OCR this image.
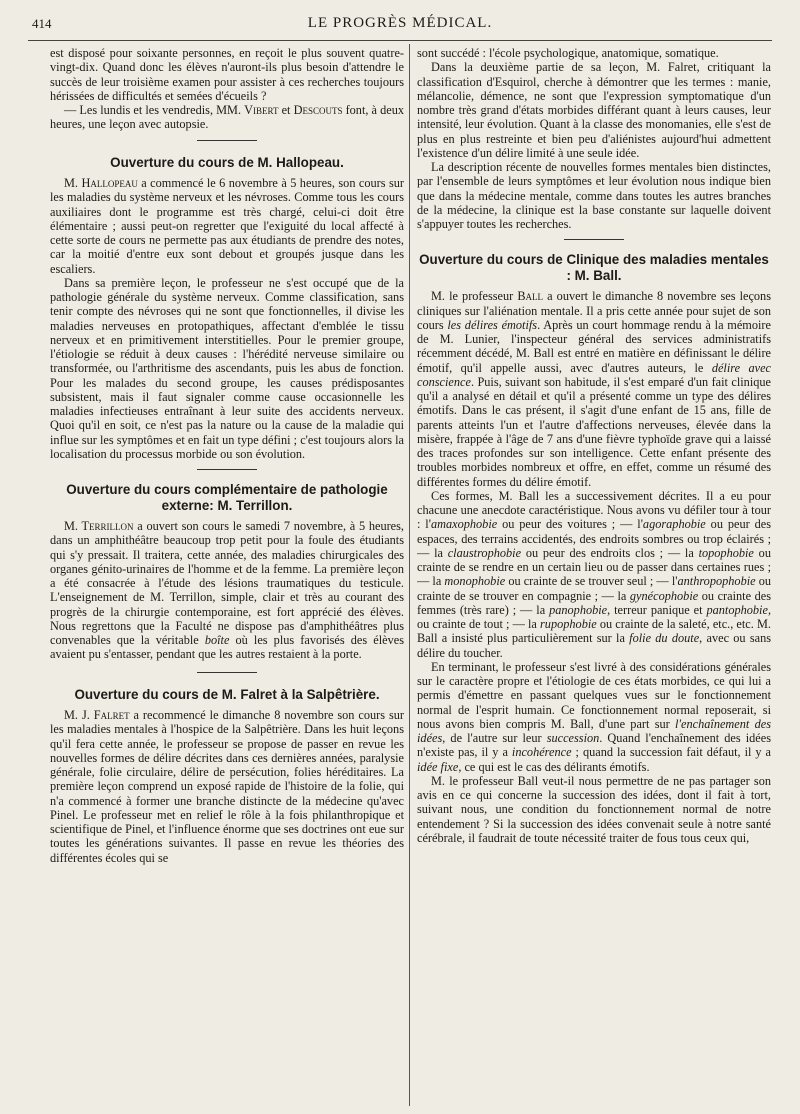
414	LE PROGRÈS MÉDICAL.

est disposé pour soixante personnes, en reçoit le plus souvent quatre-vingt-dix. Quand donc les élèves n'auront-ils plus besoin d'attendre le succès de leur troisième examen pour assister à ces recherches toujours hérissées de difficultés et semées d'écueils ?

— Les lundis et les vendredis, MM. Vibert et Descouts font, à deux heures, une leçon avec autopsie.

Ouverture du cours de M. Hallopeau.

M. Hallopeau a commencé le 6 novembre à 5 heures, son cours sur les maladies du système nerveux et les névroses. Comme tous les cours auxiliaires dont le programme est très chargé, celui-ci doit être élémentaire ; aussi peut-on regretter que l'exiguité du local affecté à cette sorte de cours ne permette pas aux étudiants de prendre des notes, car la moitié d'entre eux sont debout et groupés jusque dans les escaliers.

Dans sa première leçon, le professeur ne s'est occupé que de la pathologie générale du système nerveux. Comme classification, sans tenir compte des névroses qui ne sont que fonctionnelles, il divise les maladies nerveuses en protopathiques, affectant d'emblée le tissu nerveux et en primitivement interstitielles. Pour le premier groupe, l'étiologie se réduit à deux causes : l'hérédité nerveuse similaire ou transformée, ou l'arthritisme des ascendants, puis les abus de fonction. Pour les malades du second groupe, les causes prédisposantes subsistent, mais il faut signaler comme cause occasionnelle les maladies infectieuses entraînant à leur suite des accidents nerveux. Quoi qu'il en soit, ce n'est pas la nature ou la cause de la maladie qui influe sur les symptômes et en fait un type défini ; c'est toujours alors la localisation du processus morbide ou son évolution.

Ouverture du cours complémentaire de pathologie externe: M. Terrillon.

M. Terrillon a ouvert son cours le samedi 7 novembre, à 5 heures, dans un amphithéâtre beaucoup trop petit pour la foule des étudiants qui s'y pressait. Il traitera, cette année, des maladies chirurgicales des organes génito-urinaires de l'homme et de la femme. La première leçon a été consacrée à l'étude des lésions traumatiques du testicule. L'enseignement de M. Terrillon, simple, clair et très au courant des progrès de la chirurgie contemporaine, est fort apprécié des élèves. Nous regrettons que la Faculté ne dispose pas d'amphithéâtres plus convenables que la véritable boîte où les plus favorisés des élèves avaient pu s'entasser, pendant que les autres restaient à la porte.

Ouverture du cours de M. Falret à la Salpêtrière.

M. J. Falret a recommencé le dimanche 8 novembre son cours sur les maladies mentales à l'hospice de la Salpêtrière. Dans les huit leçons qu'il fera cette année, le professeur se propose de passer en revue les nouvelles formes de délire décrites dans ces dernières années, paralysie générale, folie circulaire, délire de persécution, folies héréditaires. La première leçon comprend un exposé rapide de l'histoire de la folie, qui n'a commencé à former une branche distincte de la médecine qu'avec Pinel. Le professeur met en relief le rôle à la fois philanthropique et scientifique de Pinel, et l'influence énorme que ses doctrines ont eue sur toutes les générations suivantes. Il passe en revue les théories des différentes écoles qui se

sont succédé : l'école psychologique, anatomique, somatique.

Dans la deuxième partie de sa leçon, M. Falret, critiquant la classification d'Esquirol, cherche à démontrer que les termes : manie, mélancolie, démence, ne sont que l'expression symptomatique d'un nombre très grand d'états morbides différant quant à leurs causes, leur intensité, leur évolution. Quant à la classe des monomanies, elle s'est de plus en plus restreinte et bien peu d'aliénistes aujourd'hui admettent l'existence d'un délire limité à une seule idée.

La description récente de nouvelles formes mentales bien distinctes, par l'ensemble de leurs symptômes et leur évolution nous indique bien que dans la médecine mentale, comme dans toutes les autres branches de la médecine, la clinique est la base constante sur laquelle doivent s'appuyer toutes les recherches.

Ouverture du cours de Clinique des maladies mentales : M. Ball.

M. le professeur Ball a ouvert le dimanche 8 novembre ses leçons cliniques sur l'aliénation mentale. Il a pris cette année pour sujet de son cours les délires émotifs. Après un court hommage rendu à la mémoire de M. Lunier, l'inspecteur général des services administratifs récemment décédé, M. Ball est entré en matière en définissant le délire émotif, qu'il appelle aussi, avec d'autres auteurs, le délire avec conscience. Puis, suivant son habitude, il s'est emparé d'un fait clinique qu'il a analysé en détail et qu'il a présenté comme un type des délires émotifs. Dans le cas présent, il s'agit d'une enfant de 15 ans, fille de parents atteints l'un et l'autre d'affections nerveuses, élevée dans la misère, frappée à l'âge de 7 ans d'une fièvre typhoïde grave qui a laissé des traces profondes sur son intelligence. Cette enfant présente des troubles morbides nombreux et offre, en effet, comme un résumé des différentes formes du délire émotif.

Ces formes, M. Ball les a successivement décrites. Il a eu pour chacune une anecdote caractéristique. Nous avons vu défiler tour à tour : l'amaxophobie ou peur des voitures ; — l'agoraphobie ou peur des espaces, des terrains accidentés, des endroits sombres ou trop éclairés ; — la claustrophobie ou peur des endroits clos ; — la topophobie ou crainte de se rendre en un certain lieu ou de passer dans certaines rues ; — la monophobie ou crainte de se trouver seul ; — l'anthropophobie ou crainte de se trouver en compagnie ; — la gynécophobie ou crainte des femmes (très rare) ; — la panophobie, terreur panique et pantophobie, ou crainte de tout ; — la rupophobie ou crainte de la saleté, etc., etc. M. Ball a insisté plus particulièrement sur la folie du doute, avec ou sans délire du toucher.

En terminant, le professeur s'est livré à des considérations générales sur le caractère propre et l'étiologie de ces états morbides, ce qui lui a permis d'émettre en passant quelques vues sur le fonctionnement normal de l'esprit humain. Ce fonctionnement normal reposerait, si nous avons bien compris M. Ball, d'une part sur l'enchaînement des idées, de l'autre sur leur succession. Quand l'enchaînement des idées n'existe pas, il y a incohérence ; quand la succession fait défaut, il y a idée fixe, ce qui est le cas des délirants émotifs.

M. le professeur Ball veut-il nous permettre de ne pas partager son avis en ce qui concerne la succession des idées, dont il fait à tort, suivant nous, une condition du fonctionnement normal de notre entendement ? Si la succession des idées convenait seule à notre santé cérébrale, il faudrait de toute nécessité traiter de fous tous ceux qui,
